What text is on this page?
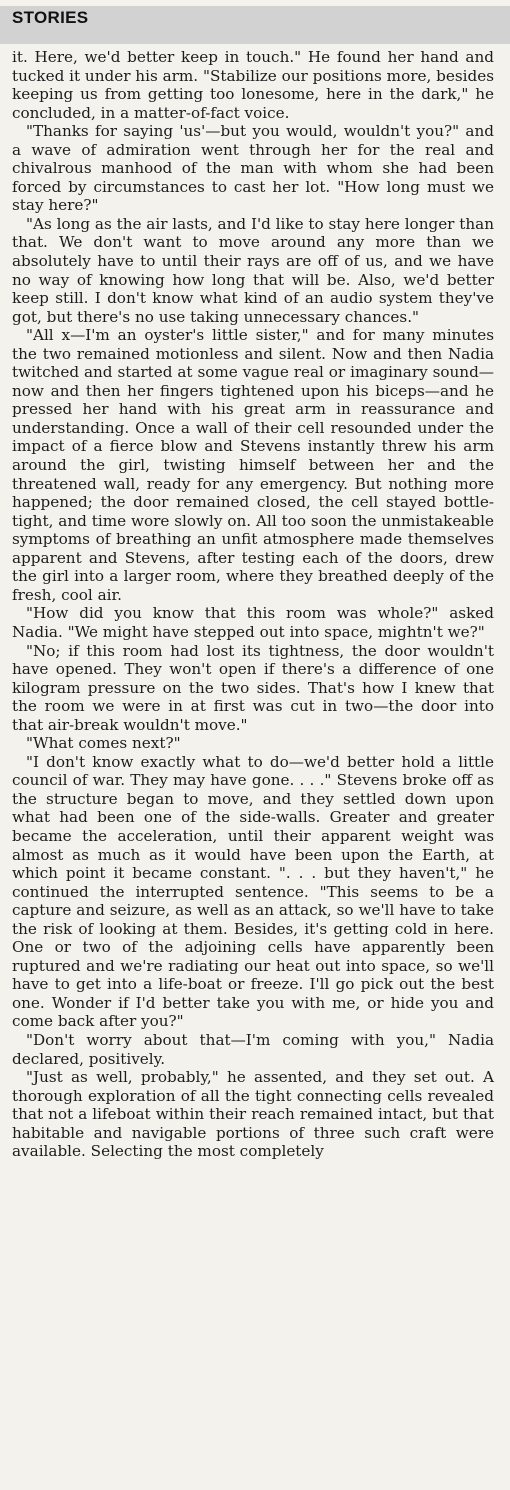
STORIES

it. Here, we'd better keep in touch." He found her hand and tucked it under his arm. "Stabilize our positions more, besides keeping us from getting too lonesome, here in the dark," he concluded, in a matter-of-fact voice.

"Thanks for saying 'us'—but you would, wouldn't you?" and a wave of admiration went through her for the real and chivalrous manhood of the man with whom she had been forced by circumstances to cast her lot. "How long must we stay here?"

"As long as the air lasts, and I'd like to stay here longer than that. We don't want to move around any more than we absolutely have to until their rays are off of us, and we have no way of knowing how long that will be. Also, we'd better keep still. I don't know what kind of an audio system they've got, but there's no use taking unnecessary chances."

"All x—I'm an oyster's little sister," and for many minutes the two remained motionless and silent. Now and then Nadia twitched and started at some vague real or imaginary sound—now and then her fingers tightened upon his biceps—and he pressed her hand with his great arm in reassurance and understanding. Once a wall of their cell resounded under the impact of a fierce blow and Stevens instantly threw his arm around the girl, twisting himself between her and the threatened wall, ready for any emergency. But nothing more happened; the door remained closed, the cell stayed bottle-tight, and time wore slowly on. All too soon the unmistakeable symptoms of breathing an unfit atmosphere made themselves apparent and Stevens, after testing each of the doors, drew the girl into a larger room, where they breathed deeply of the fresh, cool air.

"How did you know that this room was whole?" asked Nadia. "We might have stepped out into space, mightn't we?"

"No; if this room had lost its tightness, the door wouldn't have opened. They won't open if there's a difference of one kilogram pressure on the two sides. That's how I knew that the room we were in at first was cut in two—the door into that air-break wouldn't move."

"What comes next?"

"I don't know exactly what to do—we'd better hold a little council of war. They may have gone. . . ." Stevens broke off as the structure began to move, and they settled down upon what had been one of the side-walls. Greater and greater became the acceleration, until their apparent weight was almost as much as it would have been upon the Earth, at which point it became constant. ". . . but they haven't," he continued the interrupted sentence. "This seems to be a capture and seizure, as well as an attack, so we'll have to take the risk of looking at them. Besides, it's getting cold in here. One or two of the adjoining cells have apparently been ruptured and we're radiating our heat out into space, so we'll have to get into a life-boat or freeze. I'll go pick out the best one. Wonder if I'd better take you with me, or hide you and come back after you?"

"Don't worry about that—I'm coming with you," Nadia declared, positively.

"Just as well, probably," he assented, and they set out. A thorough exploration of all the tight connecting cells revealed that not a lifeboat within their reach remained intact, but that habitable and navigable portions of three such craft were available. Selecting the most completely
